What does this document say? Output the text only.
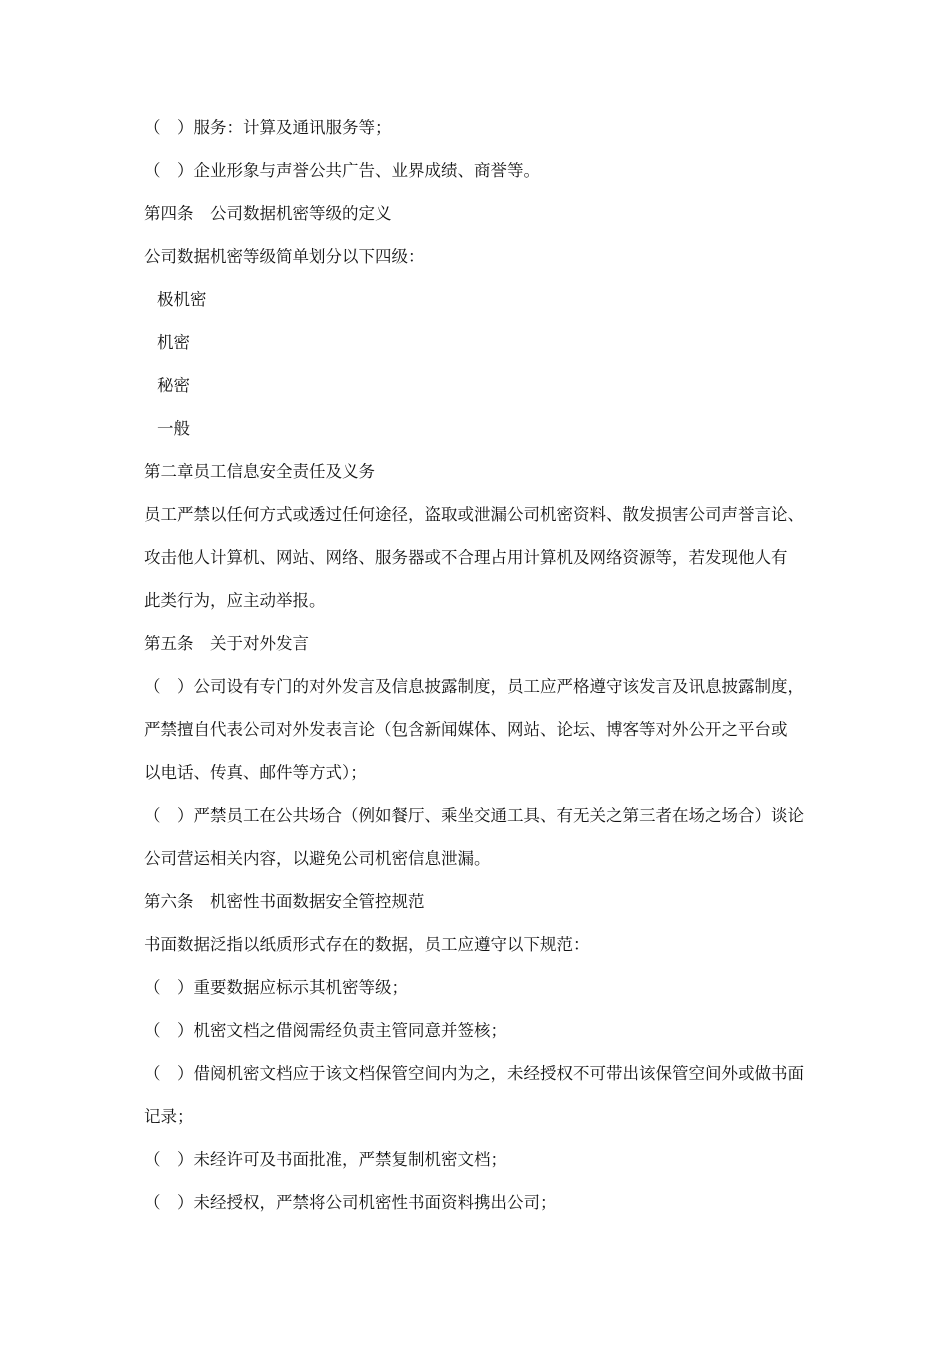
（　）服务：计算及通讯服务等；
（　）企业形象与声誉公共广告、业界成绩、商誉等。
第四条　公司数据机密等级的定义
公司数据机密等级简单划分以下四级：
极机密
机密
秘密
一般
第二章员工信息安全责任及义务
员工严禁以任何方式或透过任何途径，盗取或泄漏公司机密资料、散发损害公司声誉言论、
攻击他人计算机、网站、网络、服务器或不合理占用计算机及网络资源等，若发现他人有
此类行为，应主动举报。
第五条　关于对外发言
（　）公司设有专门的对外发言及信息披露制度，员工应严格遵守该发言及讯息披露制度，
严禁擅自代表公司对外发表言论（包含新闻媒体、网站、论坛、博客等对外公开之平台或
以电话、传真、邮件等方式）；
（　）严禁员工在公共场合（例如餐厅、乘坐交通工具、有无关之第三者在场之场合）谈论
公司营运相关内容，以避免公司机密信息泄漏。
第六条　机密性书面数据安全管控规范
书面数据泛指以纸质形式存在的数据，员工应遵守以下规范：
（　）重要数据应标示其机密等级；
（　）机密文档之借阅需经负责主管同意并签核；
（　）借阅机密文档应于该文档保管空间内为之，未经授权不可带出该保管空间外或做书面
记录；
（　）未经许可及书面批准，严禁复制机密文档；
（　）未经授权，严禁将公司机密性书面资料携出公司；
